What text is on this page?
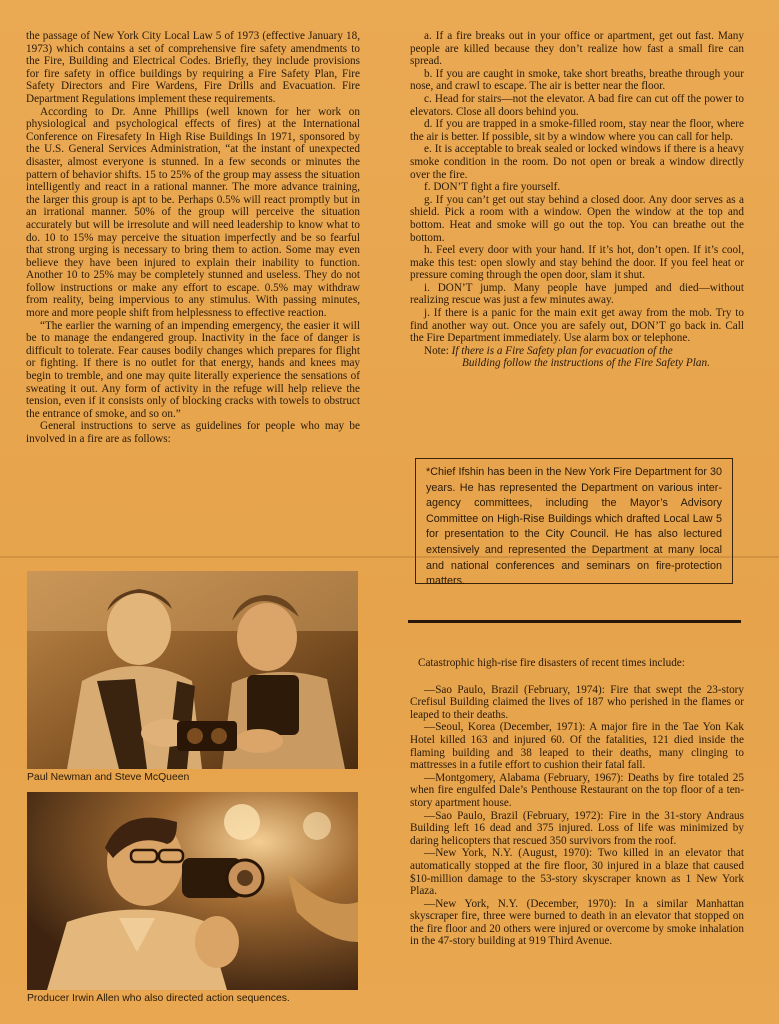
the passage of New York City Local Law 5 of 1973 (effective January 18, 1973) which contains a set of comprehensive fire safety amendments to the Fire, Building and Electrical Codes. Briefly, they include provisions for fire safety in office buildings by requiring a Fire Safety Plan, Fire Safety Directors and Fire Wardens, Fire Drills and Evacuation. Fire Department Regulations implement these requirements.

According to Dr. Anne Phillips (well known for her work on physiological and psychological effects of fires) at the International Conference on Firesafety In High Rise Buildings In 1971, sponsored by the U.S. General Services Administration, “at the instant of unexpected disaster, almost everyone is stunned. In a few seconds or minutes the pattern of behavior shifts. 15 to 25% of the group may assess the situation intelligently and react in a rational manner. The more advance training, the larger this group is apt to be. Perhaps 0.5% will react promptly but in an irrational manner. 50% of the group will perceive the situation accurately but will be irresolute and will need leadership to know what to do. 10 to 15% may perceive the situation imperfectly and be so fearful that strong urging is necessary to bring them to action. Some may even believe they have been injured to explain their inability to function. Another 10 to 25% may be completely stunned and useless. They do not follow instructions or make any effort to escape. 0.5% may withdraw from reality, being impervious to any stimulus. With passing minutes, more and more people shift from helplessness to effective reaction.

“The earlier the warning of an impending emergency, the easier it will be to manage the endangered group. Inactivity in the face of danger is difficult to tolerate. Fear causes bodily changes which prepares for flight or fighting. If there is no outlet for that energy, hands and knees may begin to tremble, and one may quite literally experience the sensations of sweating it out. Any form of activity in the refuge will help relieve the tension, even if it consists only of blocking cracks with towels to obstruct the entrance of smoke, and so on.”

General instructions to serve as guidelines for people who may be involved in a fire are as follows:

a. If a fire breaks out in your office or apartment, get out fast. Many people are killed because they don’t realize how fast a small fire can spread.

b. If you are caught in smoke, take short breaths, breathe through your nose, and crawl to escape. The air is better near the floor.

c. Head for stairs—not the elevator. A bad fire can cut off the power to elevators. Close all doors behind you.

d. If you are trapped in a smoke-filled room, stay near the floor, where the air is better. If possible, sit by a window where you can call for help.

e. It is acceptable to break sealed or locked windows if there is a heavy smoke condition in the room. Do not open or break a window directly over the fire.

f. DON’T fight a fire yourself.

g. If you can’t get out stay behind a closed door. Any door serves as a shield. Pick a room with a window. Open the window at the top and bottom. Heat and smoke will go out the top. You can breathe out the bottom.

h. Feel every door with your hand. If it’s hot, don’t open. If it’s cool, make this test: open slowly and stay behind the door. If you feel heat or pressure coming through the open door, slam it shut.

i. DON’T jump. Many people have jumped and died—without realizing rescue was just a few minutes away.

j. If there is a panic for the main exit get away from the mob. Try to find another way out. Once you are safely out, DON’T go back in. Call the Fire Department immediately. Use alarm box or telephone.

Note: If there is a Fire Safety plan for evacuation of the

Building follow the instructions of the Fire Safety Plan.

*Chief Ifshin has been in the New York Fire Department for 30 years. He has represented the Department on various inter-agency committees, including the Mayor’s Advisory Committee on High-Rise Buildings which drafted Local Law 5 for presentation to the City Council. He has also lectured extensively and represented the Department at many local and national conferences and seminars on fire-protection matters.

Catastrophic high-rise fire disasters of recent times include:

—Sao Paulo, Brazil (February, 1974): Fire that swept the 23-story Crefisul Building claimed the lives of 187 who perished in the flames or leaped to their deaths.

—Seoul, Korea (December, 1971): A major fire in the Tae Yon Kak Hotel killed 163 and injured 60. Of the fatalities, 121 died inside the flaming building and 38 leaped to their deaths, many clinging to mattresses in a futile effort to cushion their fatal fall.

—Montgomery, Alabama (February, 1967): Deaths by fire totaled 25 when fire engulfed Dale’s Penthouse Restaurant on the top floor of a ten-story apartment house.

—Sao Paulo, Brazil (February, 1972): Fire in the 31-story Andraus Building left 16 dead and 375 injured. Loss of life was minimized by daring helicopters that rescued 350 survivors from the roof.

—New York, N.Y. (August, 1970): Two killed in an elevator that automatically stopped at the fire floor, 30 injured in a blaze that caused $10-million damage to the 53-story skyscraper known as 1 New York Plaza.

—New York, N.Y. (December, 1970): In a similar Manhattan skyscraper fire, three were burned to death in an elevator that stopped on the fire floor and 20 others were injured or overcome by smoke inhalation in the 47-story building at 919 Third Avenue.

Paul Newman and Steve McQueen
Producer Irwin Allen who also directed action sequences.
